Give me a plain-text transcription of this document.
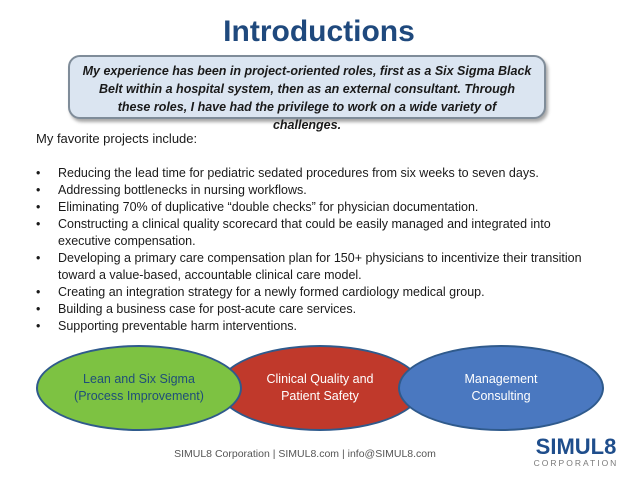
Introductions
My experience has been in project-oriented roles, first as a Six Sigma Black Belt within a hospital system, then as an external consultant. Through these roles, I have had the privilege to work on a wide variety of challenges.
My favorite projects include:
• Reducing the lead time for pediatric sedated procedures from six weeks to seven days.
• Addressing bottlenecks in nursing workflows.
• Eliminating 70% of duplicative “double checks” for physician documentation.
• Constructing a clinical quality scorecard that could be easily managed and integrated into executive compensation.
• Developing a primary care compensation plan for 150+ physicians to incentivize their transition toward a value-based, accountable clinical care model.
• Creating an integration strategy for a newly formed cardiology medical group.
• Building a business case for post-acute care services.
• Supporting preventable harm interventions.
Clinical Quality and
Patient Safety
Lean and Six Sigma
(Process Improvement)
Management
Consulting
SIMUL8 Corporation | SIMUL8.com | info@SIMUL8.com	SIMUL8
CORPORATION
